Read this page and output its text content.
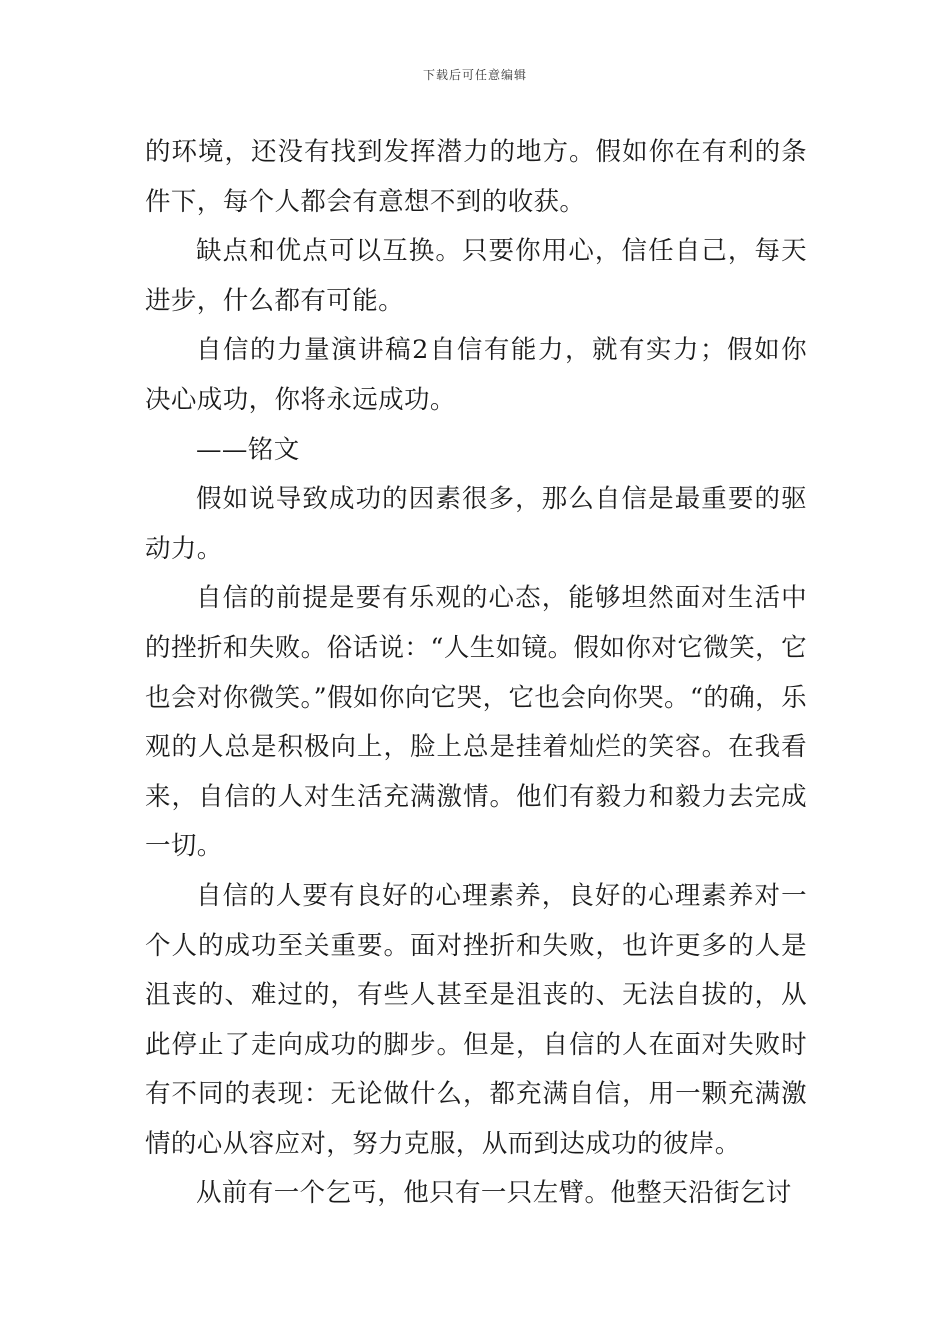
下载后可任意编辑

的环境，还没有找到发挥潜力的地方。假如你在有利的条件下，每个人都会有意想不到的收获。

缺点和优点可以互换。只要你用心，信任自己，每天进步，什么都有可能。

自信的力量演讲稿2自信有能力，就有实力；假如你决心成功，你将永远成功。

——铭文

假如说导致成功的因素很多，那么自信是最重要的驱动力。

自信的前提是要有乐观的心态，能够坦然面对生活中的挫折和失败。俗话说：“人生如镜。假如你对它微笑，它也会对你微笑。”假如你向它哭，它也会向你哭。“的确，乐观的人总是积极向上，脸上总是挂着灿烂的笑容。在我看来，自信的人对生活充满激情。他们有毅力和毅力去完成一切。

自信的人要有良好的心理素养，良好的心理素养对一个人的成功至关重要。面对挫折和失败，也许更多的人是沮丧的、难过的，有些人甚至是沮丧的、无法自拔的，从此停止了走向成功的脚步。但是，自信的人在面对失败时有不同的表现：无论做什么，都充满自信，用一颗充满激情的心从容应对，努力克服，从而到达成功的彼岸。

从前有一个乞丐，他只有一只左臂。他整天沿街乞讨
